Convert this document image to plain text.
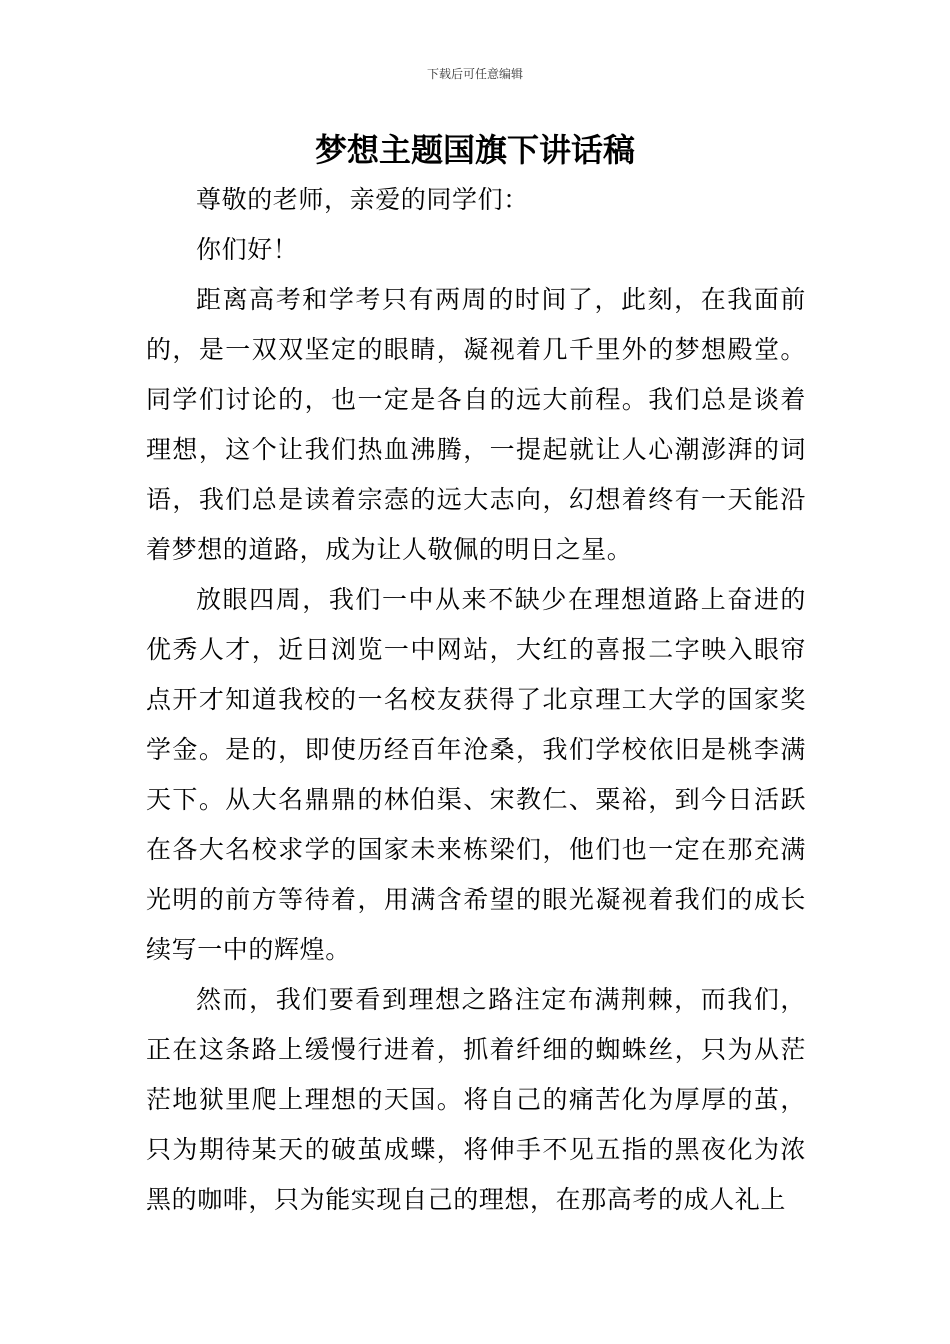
下载后可任意编辑
梦想主题国旗下讲话稿

尊敬的老师，亲爱的同学们：

你们好！

距离高考和学考只有两周的时间了，此刻，在我面前的，是一双双坚定的眼睛，凝视着几千里外的梦想殿堂。同学们讨论的，也一定是各自的远大前程。我们总是谈着理想，这个让我们热血沸腾，一提起就让人心潮澎湃的词语，我们总是读着宗悫的远大志向，幻想着终有一天能沿着梦想的道路，成为让人敬佩的明日之星。

放眼四周，我们一中从来不缺少在理想道路上奋进的优秀人才，近日浏览一中网站，大红的喜报二字映入眼帘点开才知道我校的一名校友获得了北京理工大学的国家奖学金。是的，即使历经百年沧桑，我们学校依旧是桃李满天下。从大名鼎鼎的林伯渠、宋教仁、粟裕，到今日活跃在各大名校求学的国家未来栋梁们，他们也一定在那充满光明的前方等待着，用满含希望的眼光凝视着我们的成长续写一中的辉煌。

然而，我们要看到理想之路注定布满荆棘，而我们，正在这条路上缓慢行进着，抓着纤细的蜘蛛丝，只为从茫茫地狱里爬上理想的天国。将自己的痛苦化为厚厚的茧，只为期待某天的破茧成蝶，将伸手不见五指的黑夜化为浓黑的咖啡，只为能实现自己的理想，在那高考的成人礼上
